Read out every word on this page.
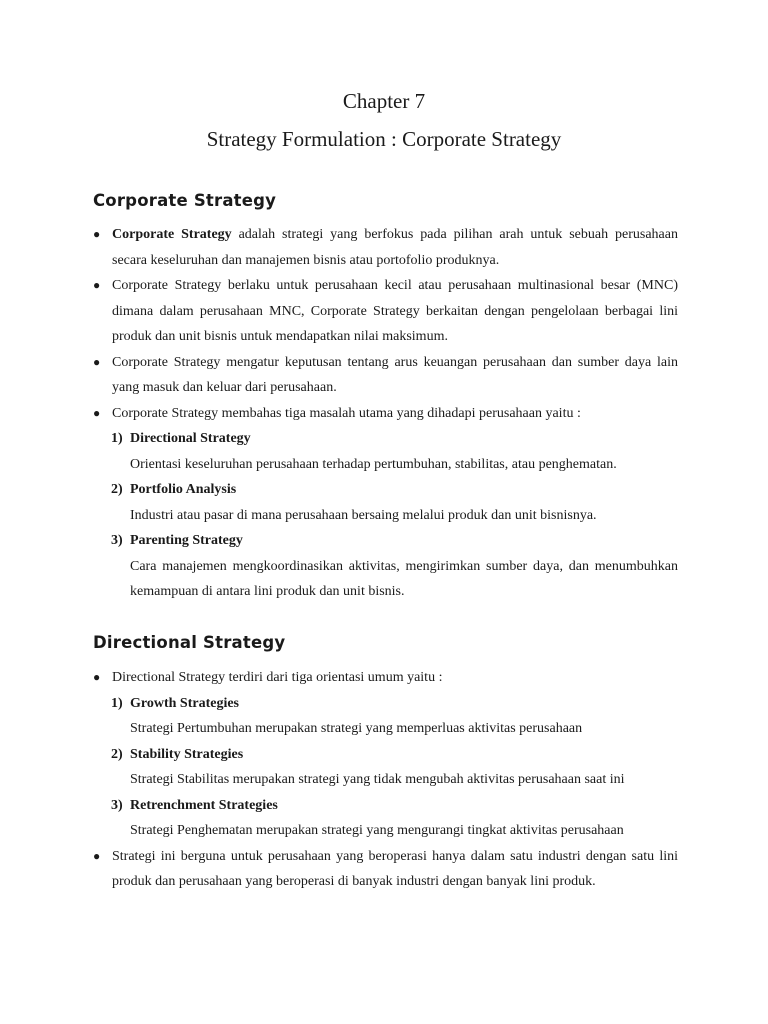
Chapter 7
Strategy Formulation : Corporate Strategy
Corporate Strategy
● Corporate Strategy adalah strategi yang berfokus pada pilihan arah untuk sebuah perusahaan secara keseluruhan dan manajemen bisnis atau portofolio produknya.
● Corporate Strategy berlaku untuk perusahaan kecil atau perusahaan multinasional besar (MNC) dimana dalam perusahaan MNC, Corporate Strategy berkaitan dengan pengelolaan berbagai lini produk dan unit bisnis untuk mendapatkan nilai maksimum.
● Corporate Strategy mengatur keputusan tentang arus keuangan perusahaan dan sumber daya lain yang masuk dan keluar dari perusahaan.
● Corporate Strategy membahas tiga masalah utama yang dihadapi perusahaan yaitu :
1) Directional Strategy
Orientasi keseluruhan perusahaan terhadap pertumbuhan, stabilitas, atau penghematan.
2) Portfolio Analysis
Industri atau pasar di mana perusahaan bersaing melalui produk dan unit bisnisnya.
3) Parenting Strategy
Cara manajemen mengkoordinasikan aktivitas, mengirimkan sumber daya, dan menumbuhkan kemampuan di antara lini produk dan unit bisnis.
Directional Strategy
● Directional Strategy terdiri dari tiga orientasi umum yaitu :
1) Growth Strategies
Strategi Pertumbuhan merupakan strategi yang memperluas aktivitas perusahaan
2) Stability Strategies
Strategi Stabilitas merupakan strategi yang tidak mengubah aktivitas perusahaan saat ini
3) Retrenchment Strategies
Strategi Penghematan merupakan strategi yang mengurangi tingkat aktivitas perusahaan
● Strategi ini berguna untuk perusahaan yang beroperasi hanya dalam satu industri dengan satu lini produk dan perusahaan yang beroperasi di banyak industri dengan banyak lini produk.
